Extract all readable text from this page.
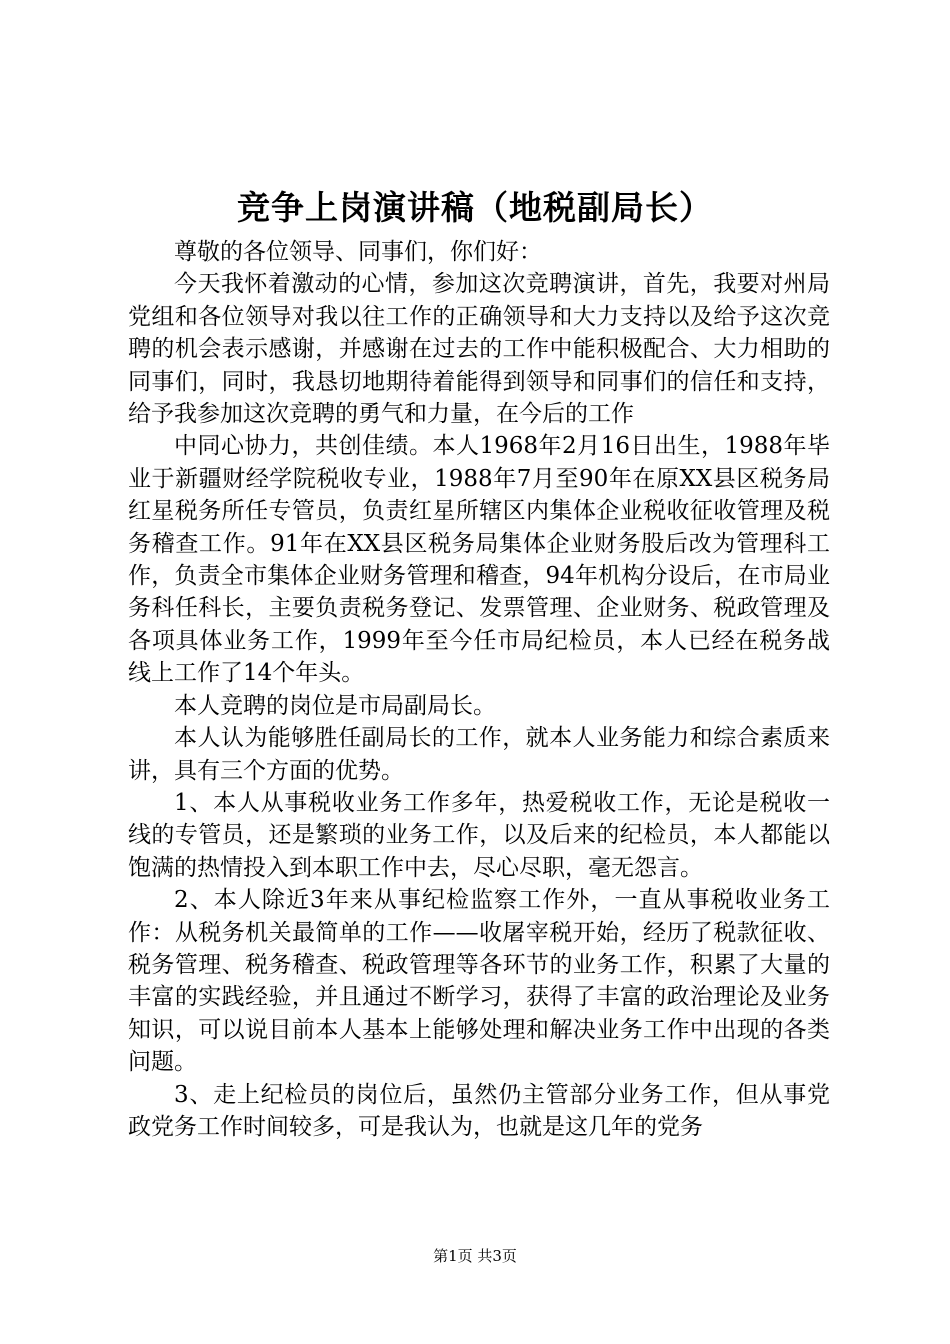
竞争上岗演讲稿（地税副局长）

尊敬的各位领导、同事们，你们好：

今天我怀着激动的心情，参加这次竞聘演讲，首先，我要对州局党组和各位领导对我以往工作的正确领导和大力支持以及给予这次竞聘的机会表示感谢，并感谢在过去的工作中能积极配合、大力相助的同事们，同时，我恳切地期待着能得到领导和同事们的信任和支持，给予我参加这次竞聘的勇气和力量，在今后的工作

中同心协力，共创佳绩。本人1968年2月16日出生，1988年毕业于新疆财经学院税收专业，1988年7月至90年在原XX县区税务局红星税务所任专管员，负责红星所辖区内集体企业税收征收管理及税务稽查工作。91年在XX县区税务局集体企业财务股后改为管理科工作，负责全市集体企业财务管理和稽查，94年机构分设后，在市局业务科任科长，主要负责税务登记、发票管理、企业财务、税政管理及各项具体业务工作，1999年至今任市局纪检员，本人已经在税务战线上工作了14个年头。

本人竞聘的岗位是市局副局长。

本人认为能够胜任副局长的工作，就本人业务能力和综合素质来讲，具有三个方面的优势。

1、本人从事税收业务工作多年，热爱税收工作，无论是税收一线的专管员，还是繁琐的业务工作，以及后来的纪检员，本人都能以饱满的热情投入到本职工作中去，尽心尽职，毫无怨言。

2、本人除近3年来从事纪检监察工作外，一直从事税收业务工作：从税务机关最简单的工作——收屠宰税开始，经历了税款征收、税务管理、税务稽查、税政管理等各环节的业务工作，积累了大量的丰富的实践经验，并且通过不断学习，获得了丰富的政治理论及业务知识，可以说目前本人基本上能够处理和解决业务工作中出现的各类问题。

3、走上纪检员的岗位后，虽然仍主管部分业务工作，但从事党政党务工作时间较多，可是我认为，也就是这几年的党务

第1页 共3页
